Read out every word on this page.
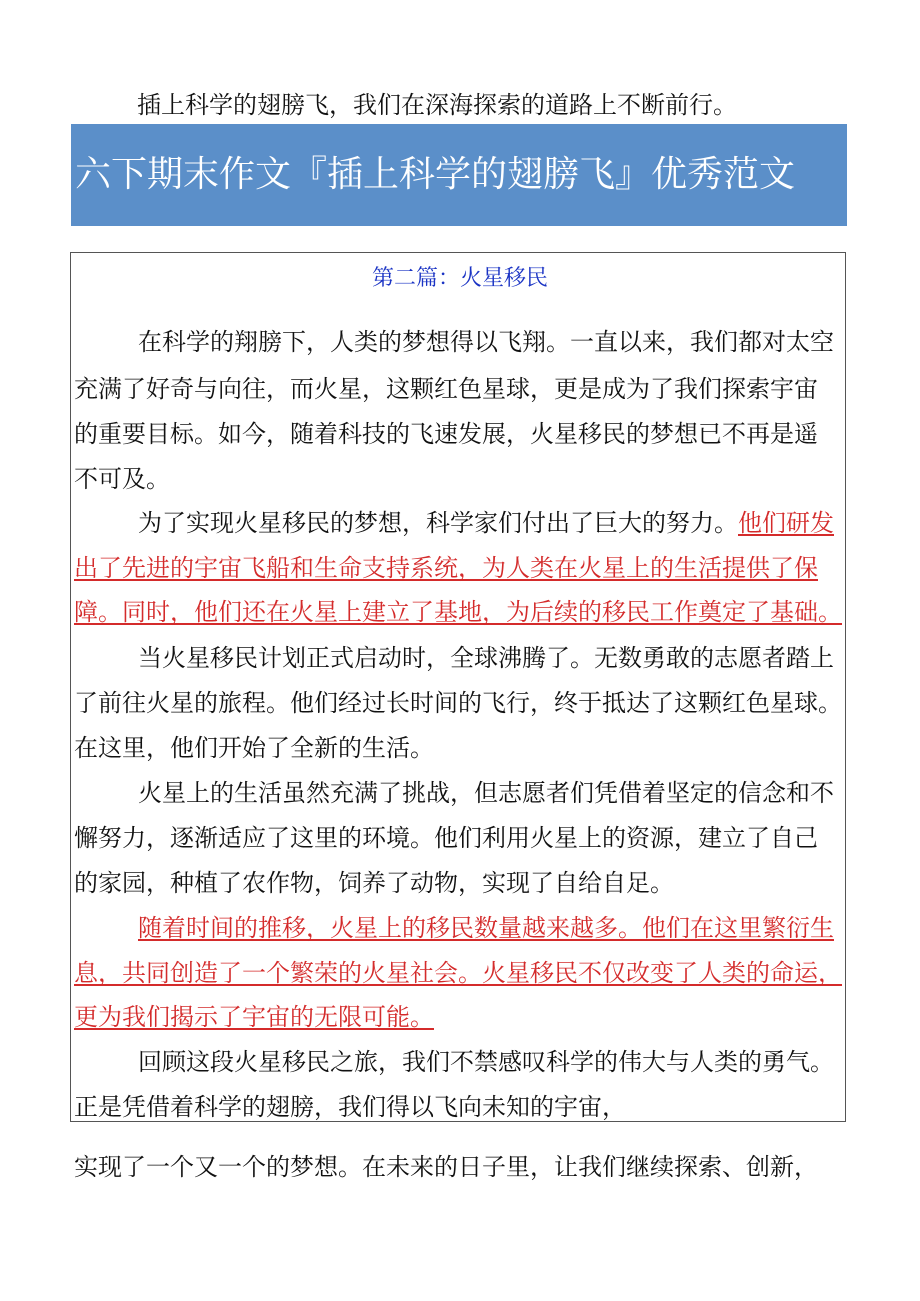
插上科学的翅膀飞，我们在深海探索的道路上不断前行。
六下期末作文『插上科学的翅膀飞』优秀范文
第二篇：火星移民
在科学的翔膀下，人类的梦想得以飞翔。一直以来，我们都对太空
充满了好奇与向往，而火星，这颗红色星球，更是成为了我们探索宇宙
的重要目标。如今，随着科技的飞速发展，火星移民的梦想已不再是遥
不可及。
为了实现火星移民的梦想，科学家们付出了巨大的努力。他们研发
出了先进的宇宙飞船和生命支持系统，为人类在火星上的生活提供了保
障。同时，他们还在火星上建立了基地，为后续的移民工作奠定了基础。
当火星移民计划正式启动时，全球沸腾了。无数勇敢的志愿者踏上
了前往火星的旅程。他们经过长时间的飞行，终于抵达了这颗红色星球。
在这里，他们开始了全新的生活。
火星上的生活虽然充满了挑战，但志愿者们凭借着坚定的信念和不
懈努力，逐渐适应了这里的环境。他们利用火星上的资源，建立了自己
的家园，种植了农作物，饲养了动物，实现了自给自足。
随着时间的推移，火星上的移民数量越来越多。他们在这里繁衍生
息，共同创造了一个繁荣的火星社会。火星移民不仅改变了人类的命运，
更为我们揭示了宇宙的无限可能。
回顾这段火星移民之旅，我们不禁感叹科学的伟大与人类的勇气。
正是凭借着科学的翅膀，我们得以飞向未知的宇宙，
实现了一个又一个的梦想。在未来的日子里，让我们继续探索、创新，
